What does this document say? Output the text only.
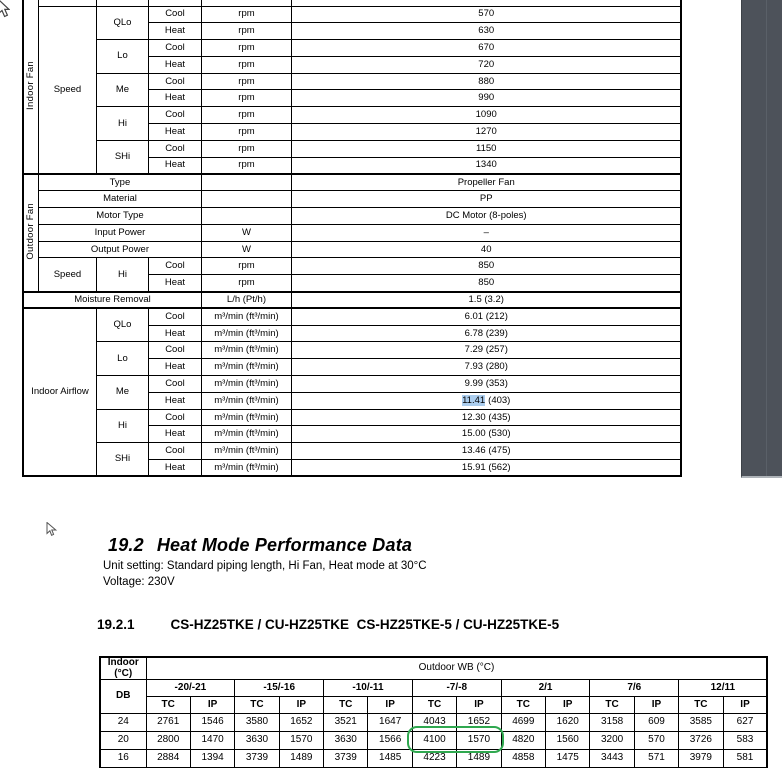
Indoor Fan					
	Speed	QLo	Cool	rpm	570
			Heat	rpm	630
		Lo	Cool	rpm	670
			Heat	rpm	720
		Me	Cool	rpm	880
			Heat	rpm	990
		Hi	Cool	rpm	1090
			Heat	rpm	1270
		SHi	Cool	rpm	1150
			Heat	rpm	1340
Outdoor Fan	Type				Propeller Fan
	Material				PP
	Motor Type				DC Motor (8-poles)
	Input Power			W	–
	Output Power			W	40
	Speed	Hi	Cool	rpm	850
			Heat	rpm	850
Moisture Removal				L/h (Pt/h)	1.5 (3.2)
Indoor Airflow		QLo	Cool	m³/min (ft³/min)	6.01 (212)
			Heat	m³/min (ft³/min)	6.78 (239)
		Lo	Cool	m³/min (ft³/min)	7.29 (257)
			Heat	m³/min (ft³/min)	7.93 (280)
		Me	Cool	m³/min (ft³/min)	9.99 (353)
			Heat	m³/min (ft³/min)	11.41 (403)
		Hi	Cool	m³/min (ft³/min)	12.30 (435)
			Heat	m³/min (ft³/min)	15.00 (530)
		SHi	Cool	m³/min (ft³/min)	13.46 (475)
			Heat	m³/min (ft³/min)	15.91 (562)
19.2 Heat Mode Performance Data
Unit setting: Standard piping length, Hi Fan, Heat mode at 30°C
Voltage: 230V
19.2.1	CS-HZ25TKE / CU-HZ25TKE  CS-HZ25TKE-5 / CU-HZ25TKE-5
Indoor
(°C)	Outdoor WB (°C)													
DB	-20/-21		-15/-16		-10/-11		-7/-8		2/1		7/6		12/11	
	TC	IP	TC	IP	TC	IP	TC	IP	TC	IP	TC	IP	TC	IP
24	2761	1546	3580	1652	3521	1647	4043	1652	4699	1620	3158	609	3585	627
20	2800	1470	3630	1570	3630	1566	4100	1570	4820	1560	3200	570	3726	583
16	2884	1394	3739	1489	3739	1485	4223	1489	4858	1475	3443	571	3979	581
